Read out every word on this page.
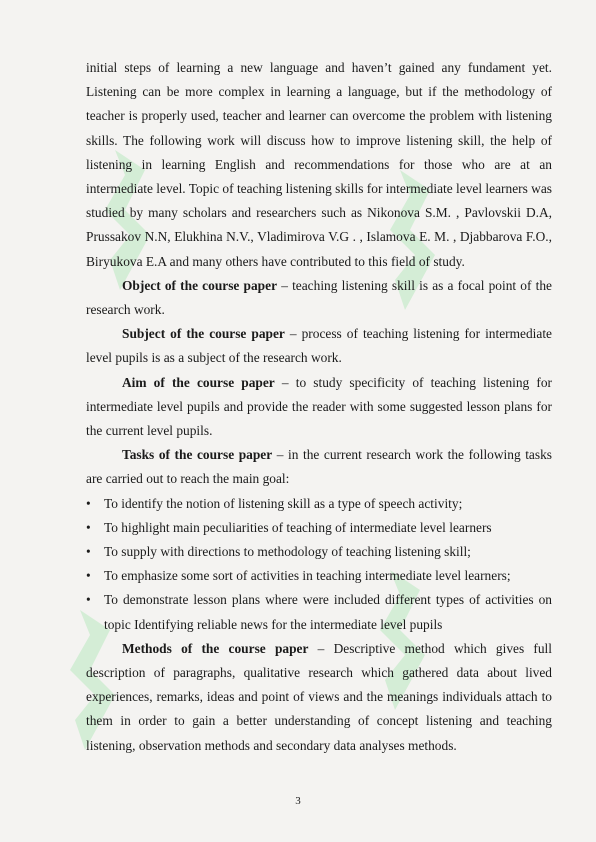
initial steps of learning a new language and haven’t gained any fundament yet. Listening can be more complex in learning a language, but if the methodology of teacher is properly used, teacher and learner can overcome the problem with listening skills. The following work will discuss how to improve listening skill, the help of listening in learning English and recommendations for those who are at an intermediate level. Topic of teaching listening skills for intermediate level learners was studied by many scholars and researchers such as Nikonova S.M. , Pavlovskii D.A, Prussakov N.N, Elukhina N.V., Vladimirova V.G . , Islamova E. M. , Djabbarova F.O., Biryukova E.A and many others have contributed to this field of study.

Object of the course paper – teaching listening skill is as a focal point of the research work.

Subject of the course paper – process of teaching listening for intermediate level pupils is as a subject of the research work.

Aim of the course paper – to study specificity of teaching listening for intermediate level pupils and provide the reader with some suggested lesson plans for the current level pupils.

Tasks of the course paper – in the current research work the following tasks are carried out to reach the main goal:

• To identify the notion of listening skill as a type of speech activity;
• To highlight main peculiarities of teaching of intermediate level learners
• To supply with directions to methodology of teaching listening skill;
• To emphasize some sort of activities in teaching intermediate level learners;
• To demonstrate lesson plans where were included different types of activities on topic Identifying reliable news for the intermediate level pupils

Methods of the course paper – Descriptive method which gives full description of paragraphs, qualitative research which gathered data about lived experiences, remarks, ideas and point of views and the meanings individuals attach to them in order to gain a better understanding of concept listening and teaching listening, observation methods and secondary data analyses methods.

3
